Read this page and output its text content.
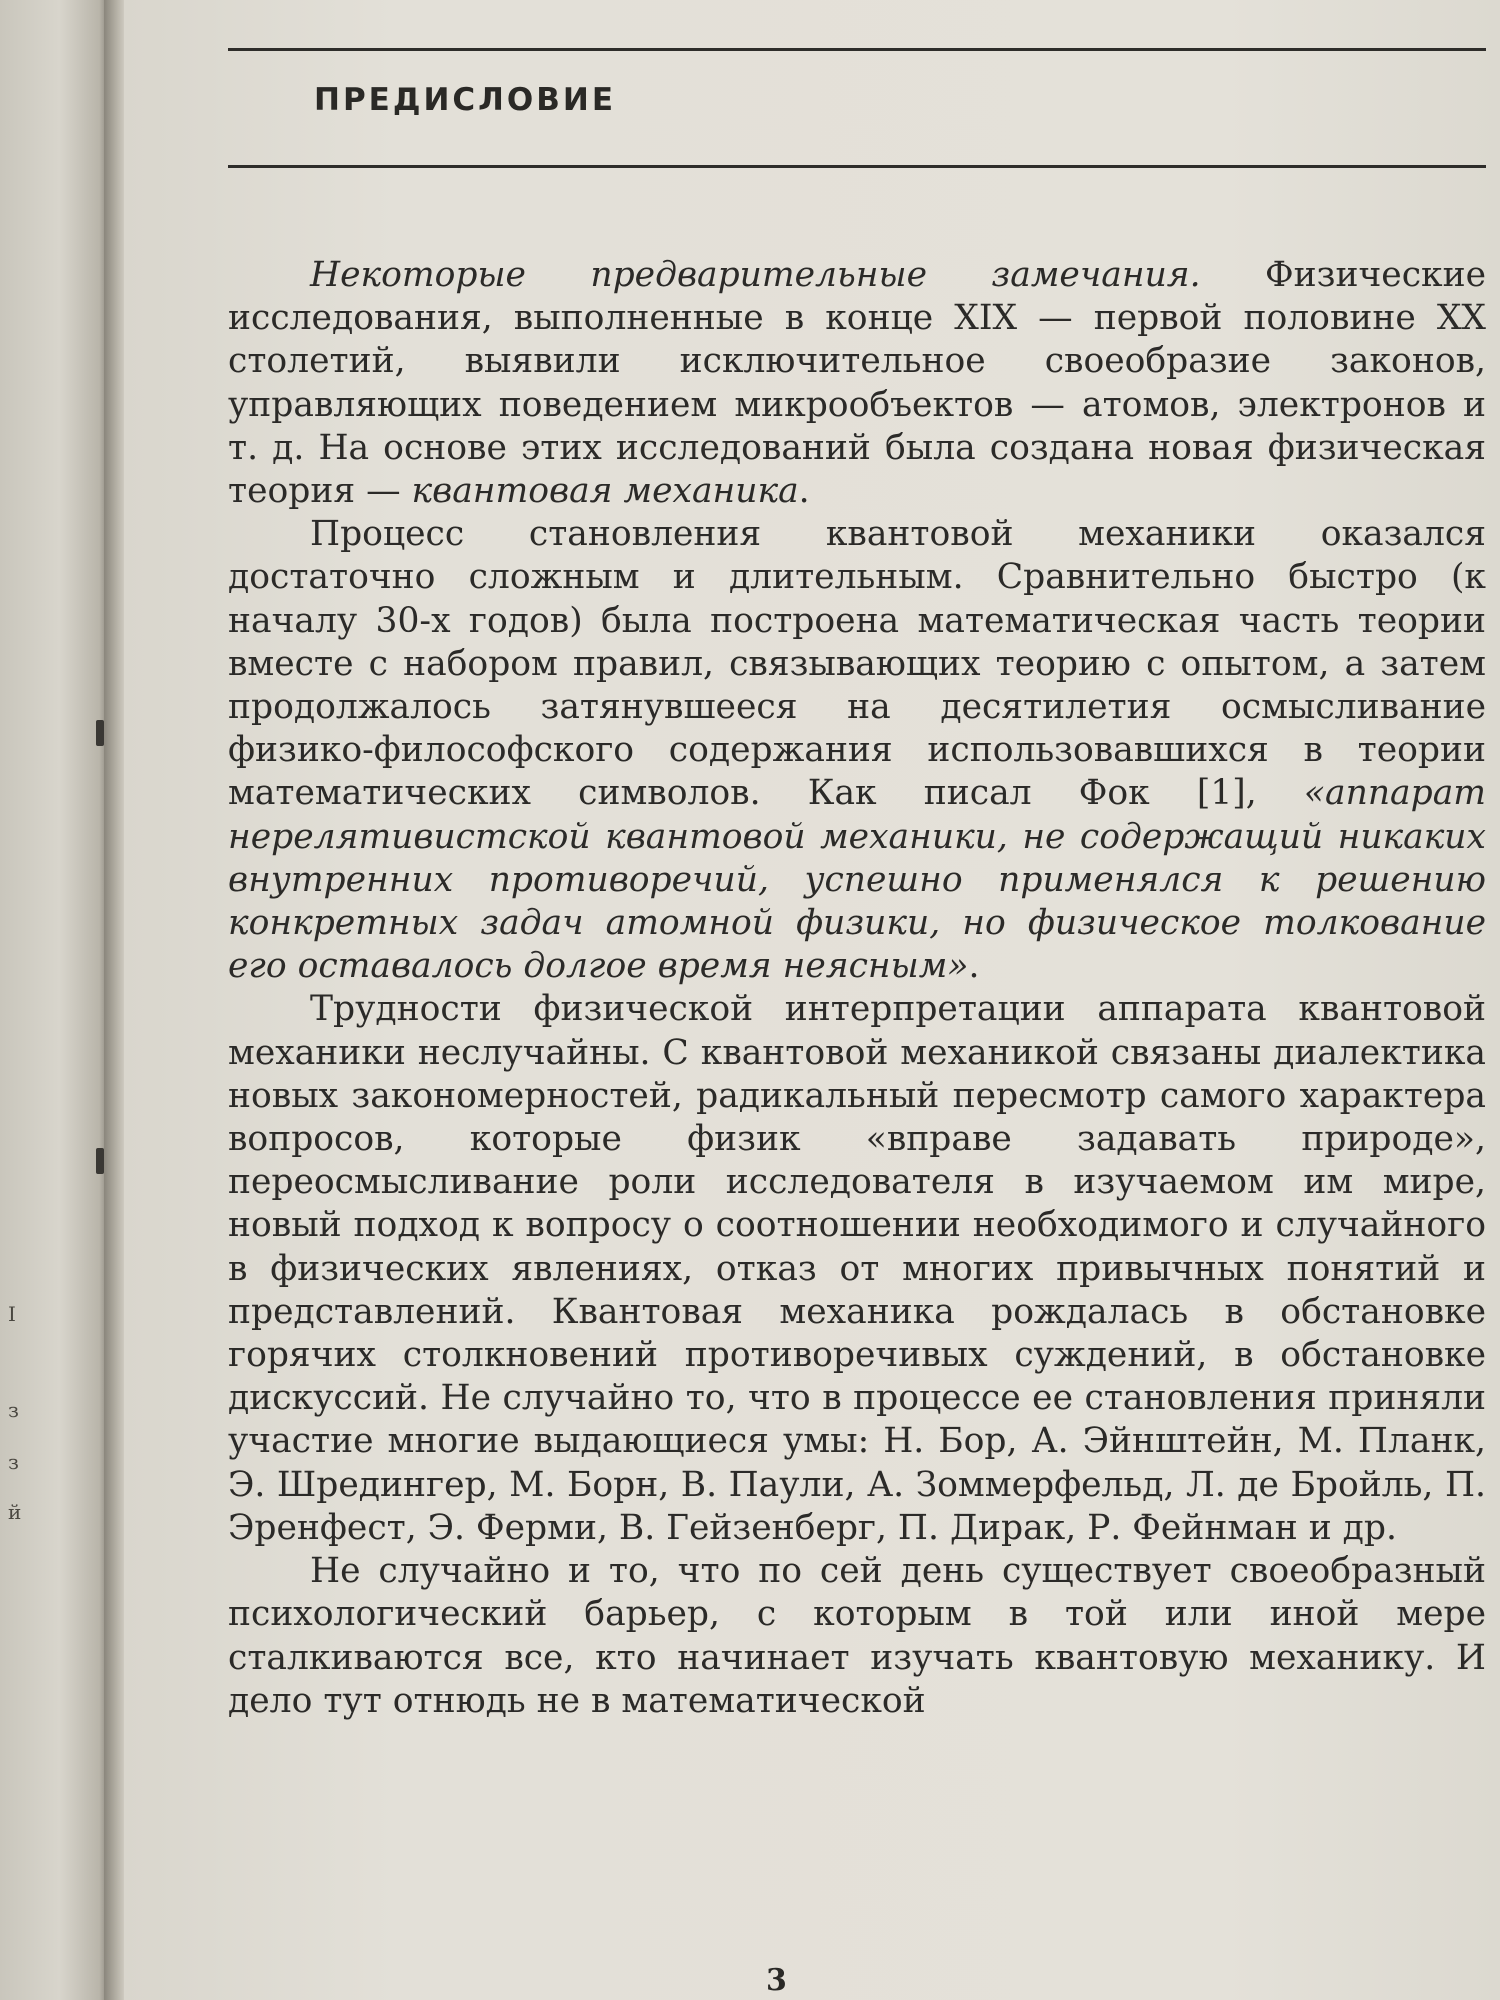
I
з
з
й
ПРЕДИСЛОВИЕ

Некоторые предварительные замечания. Физические исследования, выполненные в конце XIX — первой половине XX столетий, выявили исключительное своеобразие законов, управляющих поведением микрообъектов — атомов, электронов и т. д. На основе этих исследований была создана новая физическая теория — квантовая механика.

Процесс становления квантовой механики оказался достаточно сложным и длительным. Сравнительно быстро (к началу 30-х годов) была построена математическая часть теории вместе с набором правил, связывающих теорию с опытом, а затем продолжалось затянувшееся на десятилетия осмысливание физико-философского содержания использовавшихся в теории математических символов. Как писал Фок [1], «аппарат нерелятивистской квантовой механики, не содержащий никаких внутренних противоречий, успешно применялся к решению конкретных задач атомной физики, но физическое толкование его оставалось долгое время неясным».

Трудности физической интерпретации аппарата квантовой механики неслучайны. С квантовой механикой связаны диалектика новых закономерностей, радикальный пересмотр самого характера вопросов, которые физик «вправе задавать природе», переосмысливание роли исследователя в изучаемом им мире, новый подход к вопросу о соотношении необходимого и случайного в физических явлениях, отказ от многих привычных понятий и представлений. Квантовая механика рождалась в обстановке горячих столкновений противоречивых суждений, в обстановке дискуссий. Не случайно то, что в процессе ее становления приняли участие многие выдающиеся умы: Н. Бор, А. Эйнштейн, М. Планк, Э. Шредингер, М. Борн, В. Паули, А. Зоммерфельд, Л. де Бройль, П. Эренфест, Э. Ферми, В. Гейзенберг, П. Дирак, Р. Фейнман и др.

Не случайно и то, что по сей день существует своеобразный психологический барьер, с которым в той или иной мере сталкиваются все, кто начинает изучать квантовую механику. И дело тут отнюдь не в математической

3
